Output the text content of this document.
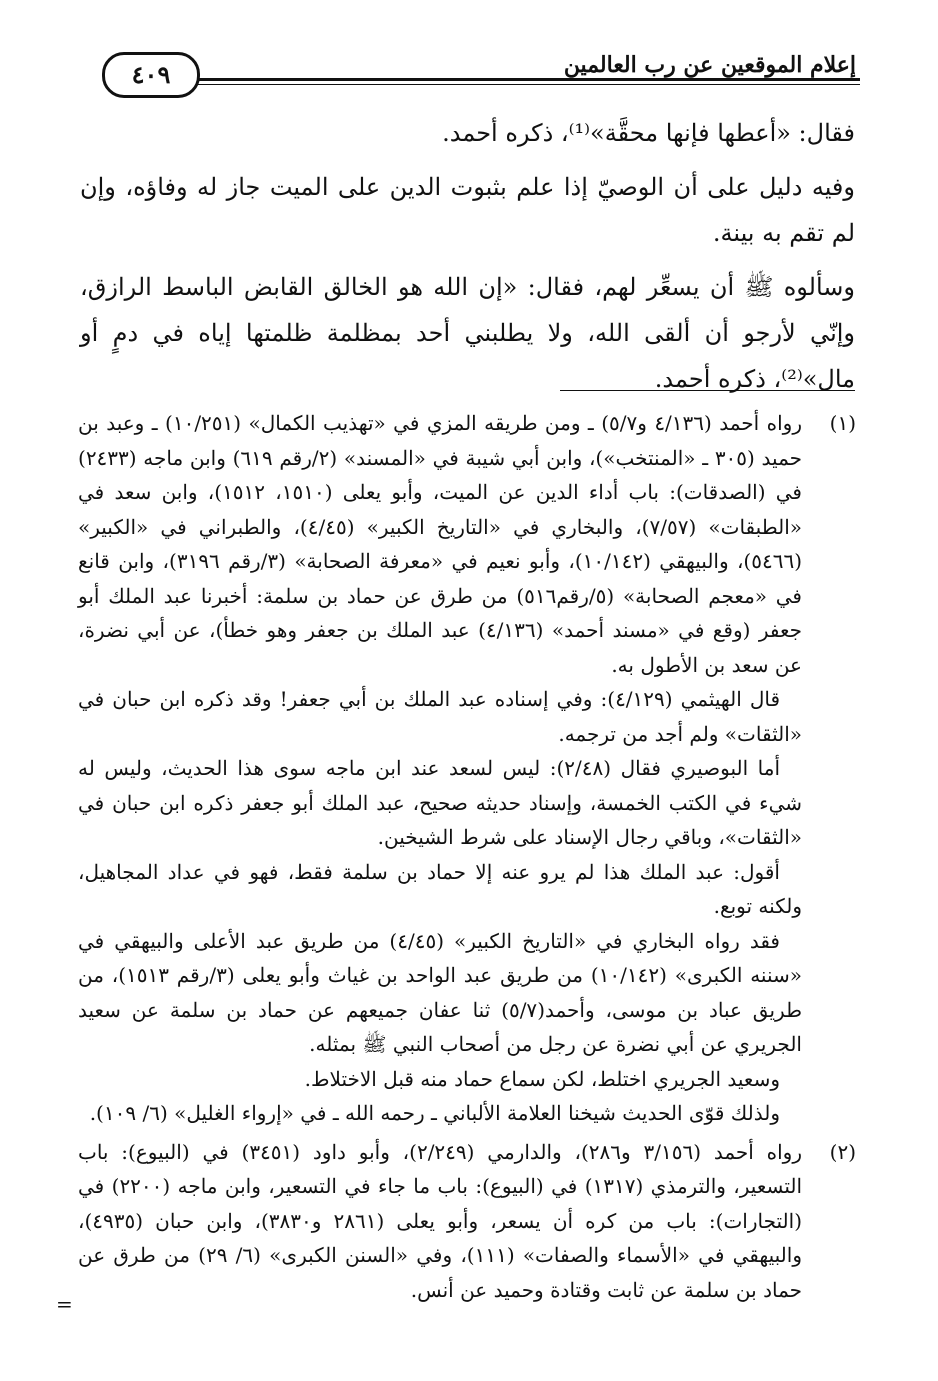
إعلام الموقعين عن رب العالمين
٤٠٩

فقال: «أعطها فإنها محقَّة»⁽¹⁾، ذكره أحمد.

وفيه دليل على أن الوصيّ إذا علم بثبوت الدين على الميت جاز له وفاؤه، وإن لم تقم به بينة.

وسألوه ﷺ أن يسعِّر لهم، فقال: «إن الله هو الخالق القابض الباسط الرازق، وإنّي لأرجو أن ألقى الله، ولا يطلبني أحد بمظلمة ظلمتها إياه في دمٍ أو مال»⁽²⁾، ذكره أحمد.

(١)

رواه أحمد (٤/١٣٦ و٥/٧) ـ ومن طريقه المزي في «تهذيب الكمال» (١٠/٢٥١) ـ وعبد بن حميد (٣٠٥ ـ «المنتخب»)، وابن أبي شيبة في «المسند» (٢/رقم ٦١٩) وابن ماجه (٢٤٣٣) في (الصدقات): باب أداء الدين عن الميت، وأبو يعلى (١٥١٠، ١٥١٢)، وابن سعد في «الطبقات» (٧/٥٧)، والبخاري في «التاريخ الكبير» (٤/٤٥)، والطبراني في «الكبير» (٥٤٦٦)، والبيهقي (١٠/١٤٢)، وأبو نعيم في «معرفة الصحابة» (٣/رقم ٣١٩٦)، وابن قانع في «معجم الصحابة» (٥/رقم٥١٦) من طرق عن حماد بن سلمة: أخبرنا عبد الملك أبو جعفر (وقع في «مسند أحمد» (٤/١٣٦) عبد الملك بن جعفر وهو خطأ)، عن أبي نضرة، عن سعد بن الأطول به.

قال الهيثمي (٤/١٢٩): وفي إسناده عبد الملك بن أبي جعفر! وقد ذكره ابن حبان في «الثقات» ولم أجد من ترجمه.

أما البوصيري فقال (٢/٤٨): ليس لسعد عند ابن ماجه سوى هذا الحديث، وليس له شيء في الكتب الخمسة، وإسناد حديثه صحيح، عبد الملك أبو جعفر ذكره ابن حبان في «الثقات»، وباقي رجال الإسناد على شرط الشيخين.

أقول: عبد الملك هذا لم يرو عنه إلا حماد بن سلمة فقط، فهو في عداد المجاهيل، ولكنه توبع.

فقد رواه البخاري في «التاريخ الكبير» (٤/٤٥) من طريق عبد الأعلى والبيهقي في «سننه الكبرى» (١٠/١٤٢) من طريق عبد الواحد بن غياث وأبو يعلى (٣/رقم ١٥١٣)، من طريق عباد بن موسى، وأحمد(٥/٧) ثنا عفان جميعهم عن حماد بن سلمة عن سعيد الجريري عن أبي نضرة عن رجل من أصحاب النبي ﷺ بمثله.

وسعيد الجريري اختلط، لكن سماع حماد منه قبل الاختلاط.

ولذلك قوّى الحديث شيخنا العلامة الألباني ـ رحمه الله ـ في «إرواء الغليل» (٦/ ١٠٩).

(٢)

رواه أحمد (٣/١٥٦ و٢٨٦)، والدارمي (٢/٢٤٩)، وأبو داود (٣٤٥١) في (البيوع): باب التسعير، والترمذي (١٣١٧) في (البيوع): باب ما جاء في التسعير، وابن ماجه (٢٢٠٠) في (التجارات): باب من كره أن يسعر، وأبو يعلى (٢٨٦١ و٣٨٣٠)، وابن حبان (٤٩٣٥)، والبيهقي في «الأسماء والصفات» (١١١)، وفي «السنن الكبرى» (٦/ ٢٩) من طرق عن حماد بن سلمة عن ثابت وقتادة وحميد عن أنس.

=
